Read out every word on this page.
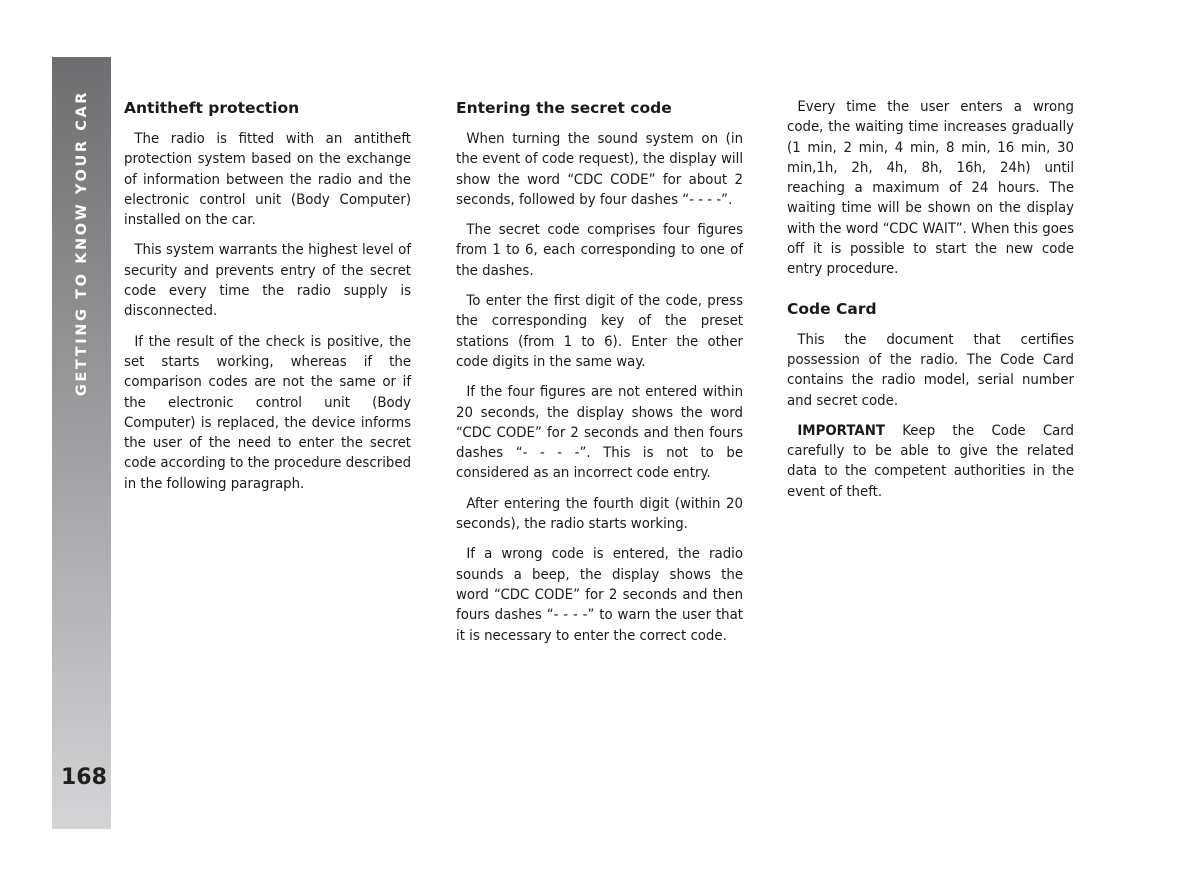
GETTING TO KNOW YOUR CAR
168
Antitheft protection

The radio is fitted with an antitheft protection system based on the exchange of information between the radio and the electronic control unit (Body Computer) installed on the car.

This system warrants the highest level of security and prevents entry of the secret code every time the radio supply is disconnected.

If the result of the check is positive, the set starts working, whereas if the comparison codes are not the same or if the electronic control unit (Body Computer) is replaced, the device informs the user of the need to enter the secret code according to the procedure described in the following paragraph.

Entering the secret code

When turning the sound system on (in the event of code request), the display will show the word “CDC CODE” for about 2 seconds, followed by four dashes “- - - -”.

The secret code comprises four figures from 1 to 6, each corresponding to one of the dashes.

To enter the first digit of the code, press the corresponding key of the preset stations (from 1 to 6). Enter the other code digits in the same way.

If the four figures are not entered within 20 seconds, the display shows the word “CDC CODE” for 2 seconds and then fours dashes “- - - -”. This is not to be considered as an incorrect code entry.

After entering the fourth digit (within 20 seconds), the radio starts working.

If a wrong code is entered, the radio sounds a beep, the display shows the word “CDC CODE” for 2 seconds and then fours dashes “- - - -” to warn the user that it is necessary to enter the correct code.

Every time the user enters a wrong code, the waiting time increases gradually (1 min, 2 min, 4 min, 8 min, 16 min, 30 min,1h, 2h, 4h, 8h, 16h, 24h) until reaching a maximum of 24 hours. The waiting time will be shown on the display with the word “CDC WAIT”. When this goes off it is possible to start the new code entry procedure.

Code Card

This the document that certifies possession of the radio. The Code Card contains the radio model, serial number and secret code.

IMPORTANT Keep the Code Card carefully to be able to give the related data to the competent authorities in the event of theft.
